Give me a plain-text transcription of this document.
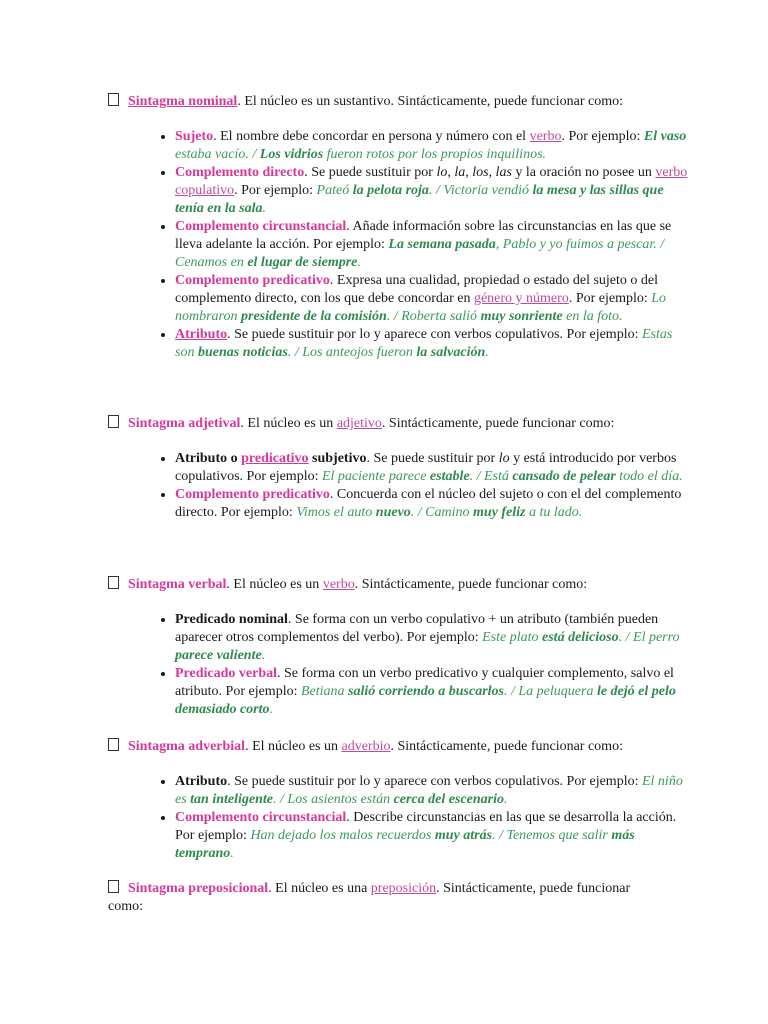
Sintagma nominal. El núcleo es un sustantivo. Sintácticamente, puede funcionar como:

• Sujeto. El nombre debe concordar en persona y número con el verbo. Por ejemplo: El vaso estaba vacío. / Los vidrios fueron rotos por los propios inquilinos.
• Complemento directo. Se puede sustituir por lo, la, los, las y la oración no posee un verbo copulativo. Por ejemplo: Pateó la pelota roja. / Victoria vendió la mesa y las sillas que tenía en la sala.
• Complemento circunstancial. Añade información sobre las circunstancias en las que se lleva adelante la acción. Por ejemplo: La semana pasada, Pablo y yo fuimos a pescar. / Cenamos en el lugar de siempre.
• Complemento predicativo. Expresa una cualidad, propiedad o estado del sujeto o del complemento directo, con los que debe concordar en género y número. Por ejemplo: Lo nombraron presidente de la comisión. / Roberta salió muy sonriente en la foto.
• Atributo. Se puede sustituir por lo y aparece con verbos copulativos. Por ejemplo: Estas son buenas noticias. / Los anteojos fueron la salvación.

Sintagma adjetival. El núcleo es un adjetivo. Sintácticamente, puede funcionar como:

• Atributo o predicativo subjetivo. Se puede sustituir por lo y está introducido por verbos copulativos. Por ejemplo: El paciente parece estable. / Está cansado de pelear todo el día.
• Complemento predicativo. Concuerda con el núcleo del sujeto o con el del complemento directo. Por ejemplo: Vimos el auto nuevo. / Camino muy feliz a tu lado.

Sintagma verbal. El núcleo es un verbo. Sintácticamente, puede funcionar como:

• Predicado nominal. Se forma con un verbo copulativo + un atributo (también pueden aparecer otros complementos del verbo). Por ejemplo: Este plato está delicioso. / El perro parece valiente.
• Predicado verbal. Se forma con un verbo predicativo y cualquier complemento, salvo el atributo. Por ejemplo: Betiana salió corriendo a buscarlos. / La peluquera le dejó el pelo demasiado corto.

Sintagma adverbial. El núcleo es un adverbio. Sintácticamente, puede funcionar como:

• Atributo. Se puede sustituir por lo y aparece con verbos copulativos. Por ejemplo: El niño es tan inteligente. / Los asientos están cerca del escenario.
• Complemento circunstancial. Describe circunstancias en las que se desarrolla la acción. Por ejemplo: Han dejado los malos recuerdos muy atrás. / Tenemos que salir más temprano.

Sintagma preposicional. El núcleo es una preposición. Sintácticamente, puede funcionar como:
